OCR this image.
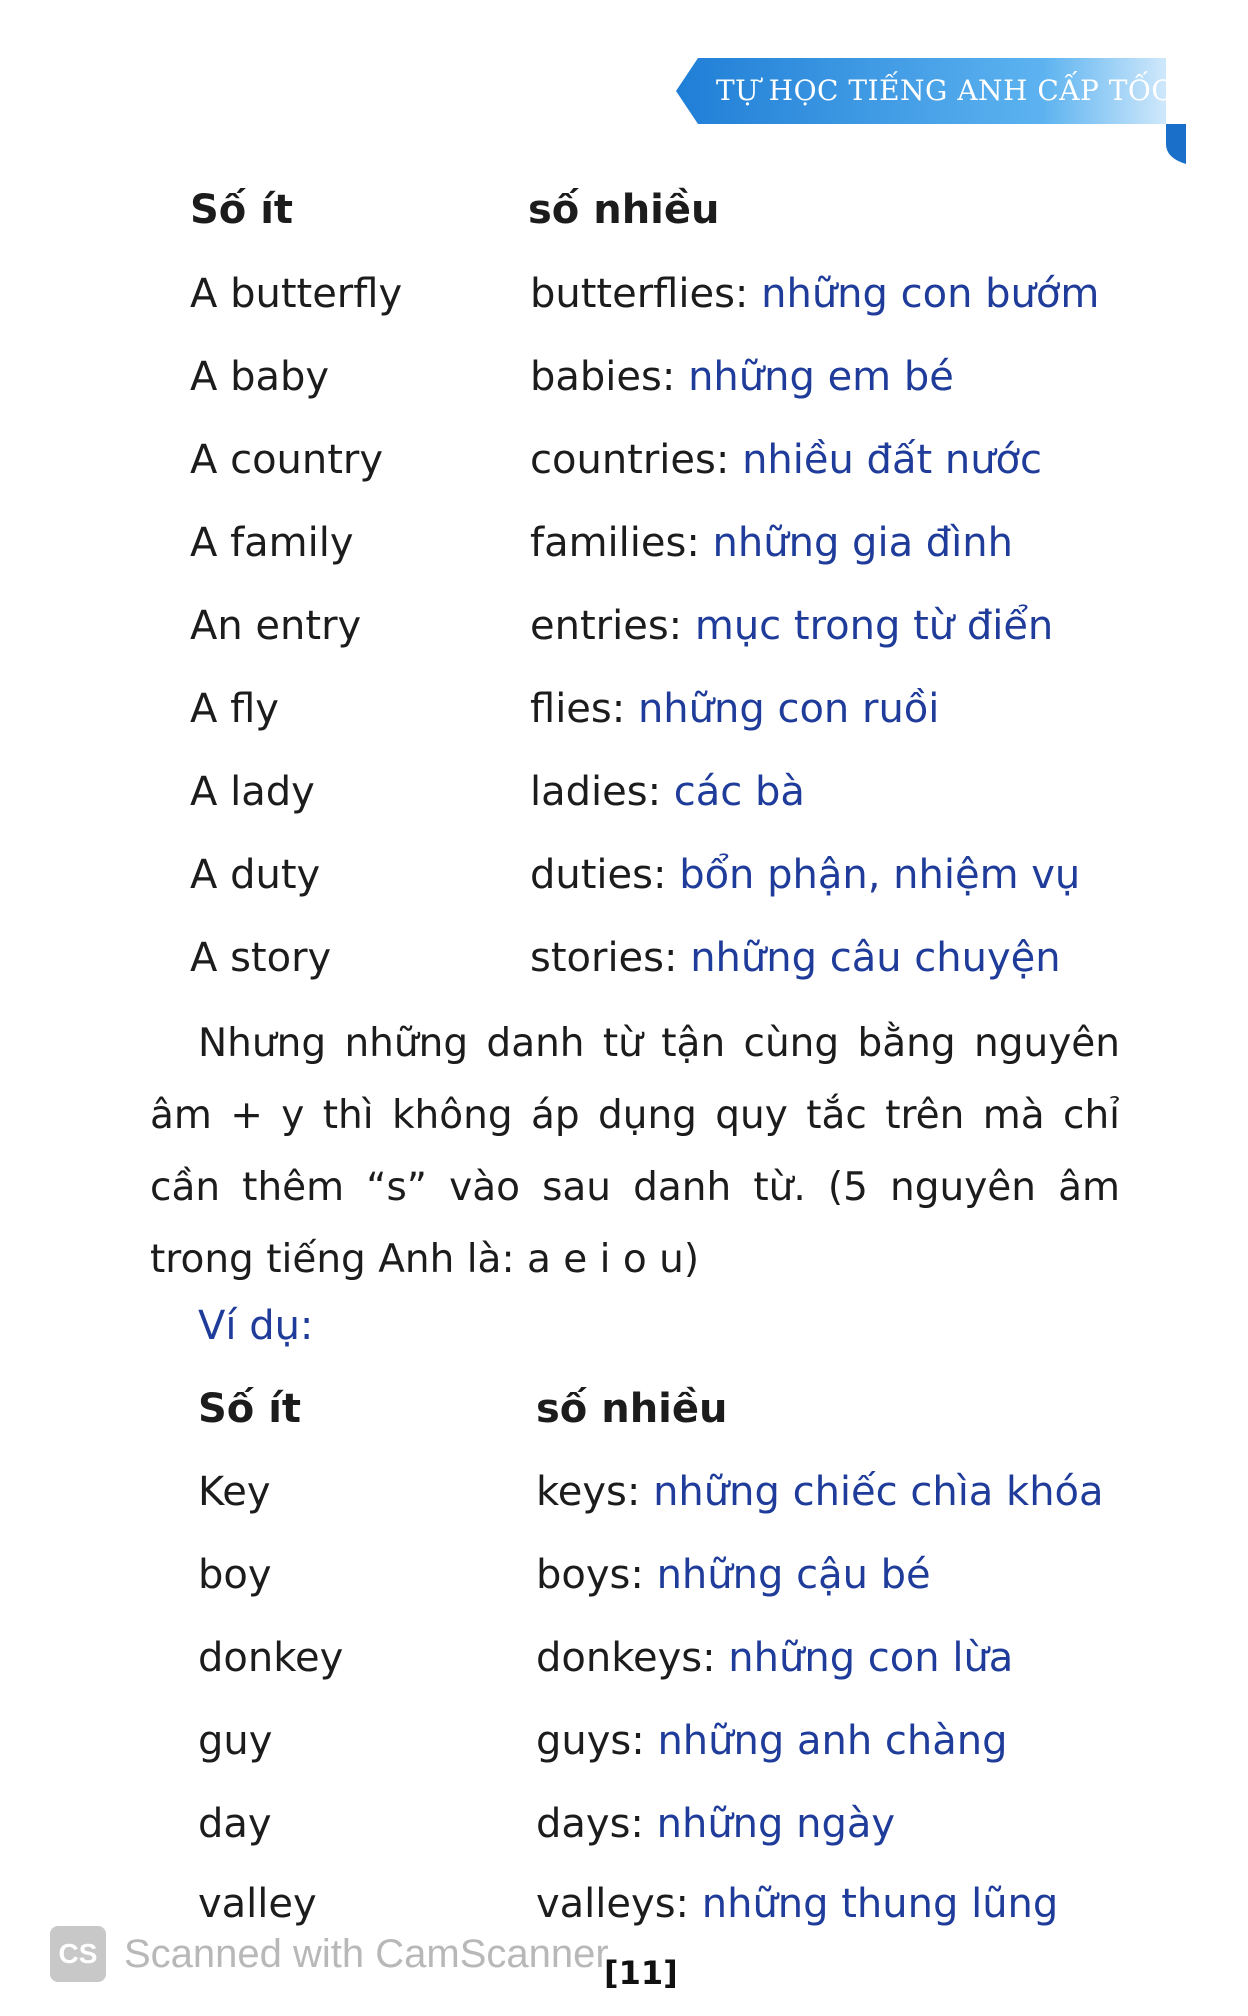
TỰ HỌC TIẾNG ANH CẤP TỐC
Số ít	số nhiều
A butterfly	butterflies: những con bướm
A baby	babies: những em bé
A country	countries: nhiều đất nước
A family	families: những gia đình
An entry	entries: mục trong từ điển
A fly	flies: những con ruồi
A lady	ladies: các bà
A duty	duties: bổn phận, nhiệm vụ
A story	stories: những câu chuyện
Nhưng những danh từ tận cùng bằng nguyên âm + y thì không áp dụng quy tắc trên mà chỉ cần thêm “s” vào sau danh từ. (5 nguyên âm trong tiếng Anh là: a e i o u)
Ví dụ:
Số ít	số nhiều
Key	keys: những chiếc chìa khóa
boy	boys: những cậu bé
donkey	donkeys: những con lừa
guy	guys: những anh chàng
day	days: những ngày
valley	valleys: những thung lũng
CS Scanned with CamScanner
[11]
